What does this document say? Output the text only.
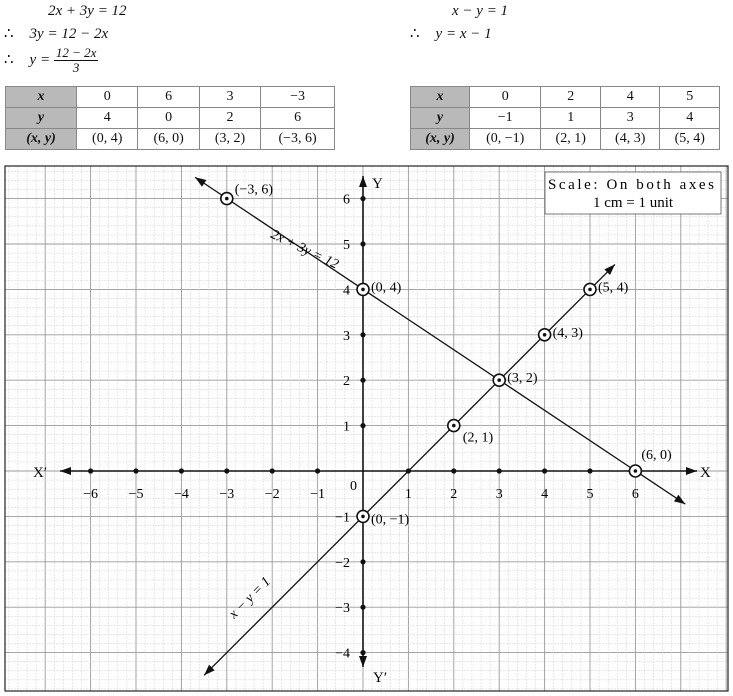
2x + 3y = 12
∴ 3y = 12 − 2x
∴ $y = \frac{12 - 2x}{3}$
x − y = 1
∴ y = x − 1
x	0	6	3	−3
y	4	0	2	6
(x, y)	(0, 4)	(6, 0)	(3, 2)	(−3, 6)
x	0	2	4	5
y	−1	1	3	4
(x, y)	(0, −1)	(2, 1)	(4, 3)	(5, 4)
X
X′
Y
Y′
0
−6 −5 −4 −3 −2 −1	1	2	3	4	5	6
6
5
4
3
2
1
−1
−2
−3
−4
(−3, 6)
(0, 4)
(3, 2)
(6, 0)
(0, −1)
(2, 1)
(4, 3)
(5, 4)
2x + 3y = 12
x − y = 1
Scale: On both axes
1 cm = 1 unit
